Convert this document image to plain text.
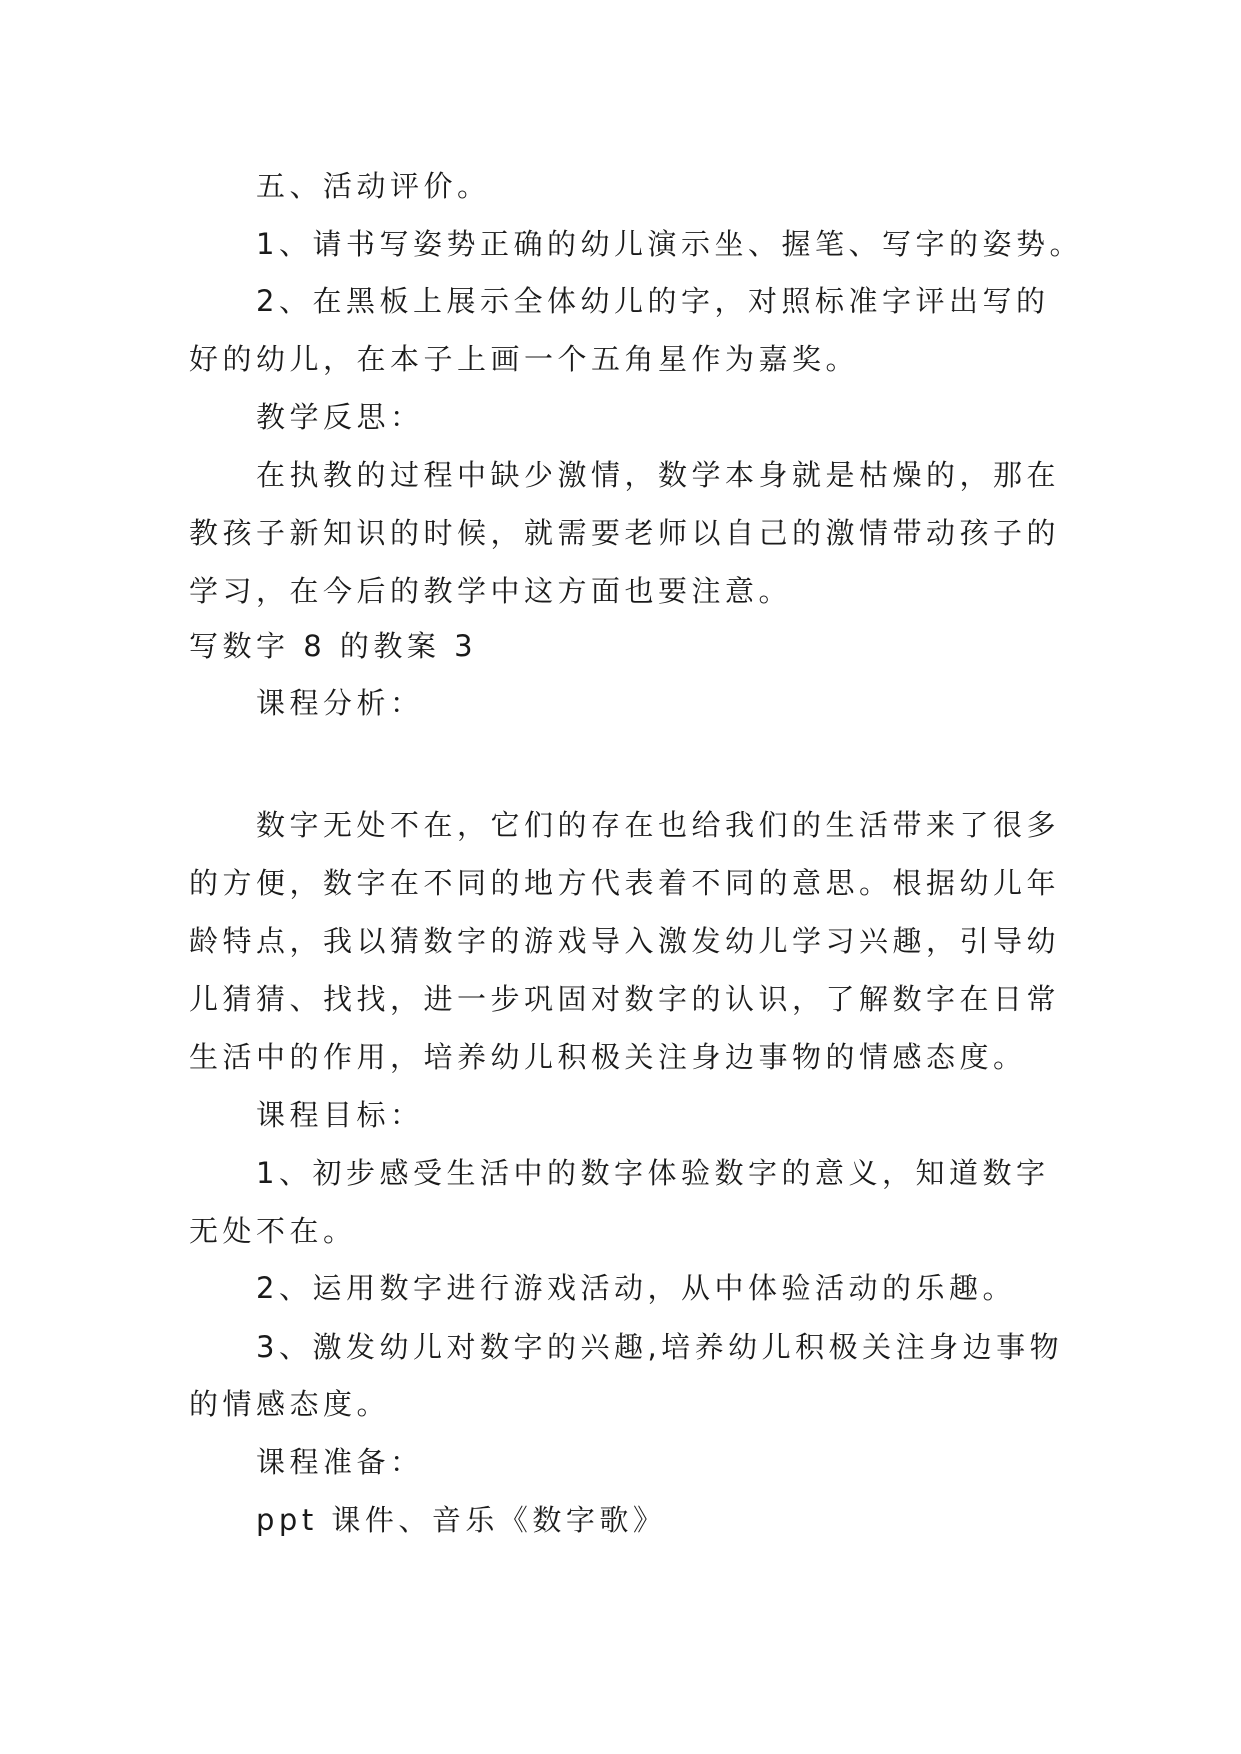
五、活动评价。
1、请书写姿势正确的幼儿演示坐、握笔、写字的姿势。
2、在黑板上展示全体幼儿的字，对照标准字评出写的
好的幼儿，在本子上画一个五角星作为嘉奖。
教学反思：
在执教的过程中缺少激情，数学本身就是枯燥的，那在
教孩子新知识的时候，就需要老师以自己的激情带动孩子的
学习，在今后的教学中这方面也要注意。
写数字 8 的教案 3
课程分析：
数字无处不在，它们的存在也给我们的生活带来了很多
的方便，数字在不同的地方代表着不同的意思。根据幼儿年
龄特点，我以猜数字的游戏导入激发幼儿学习兴趣，引导幼
儿猜猜、找找，进一步巩固对数字的认识，了解数字在日常
生活中的作用，培养幼儿积极关注身边事物的情感态度。
课程目标：
1、初步感受生活中的数字体验数字的意义，知道数字
无处不在。
2、运用数字进行游戏活动，从中体验活动的乐趣。
3、激发幼儿对数字的兴趣,培养幼儿积极关注身边事物
的情感态度。
课程准备：
ppt 课件、音乐《数字歌》
